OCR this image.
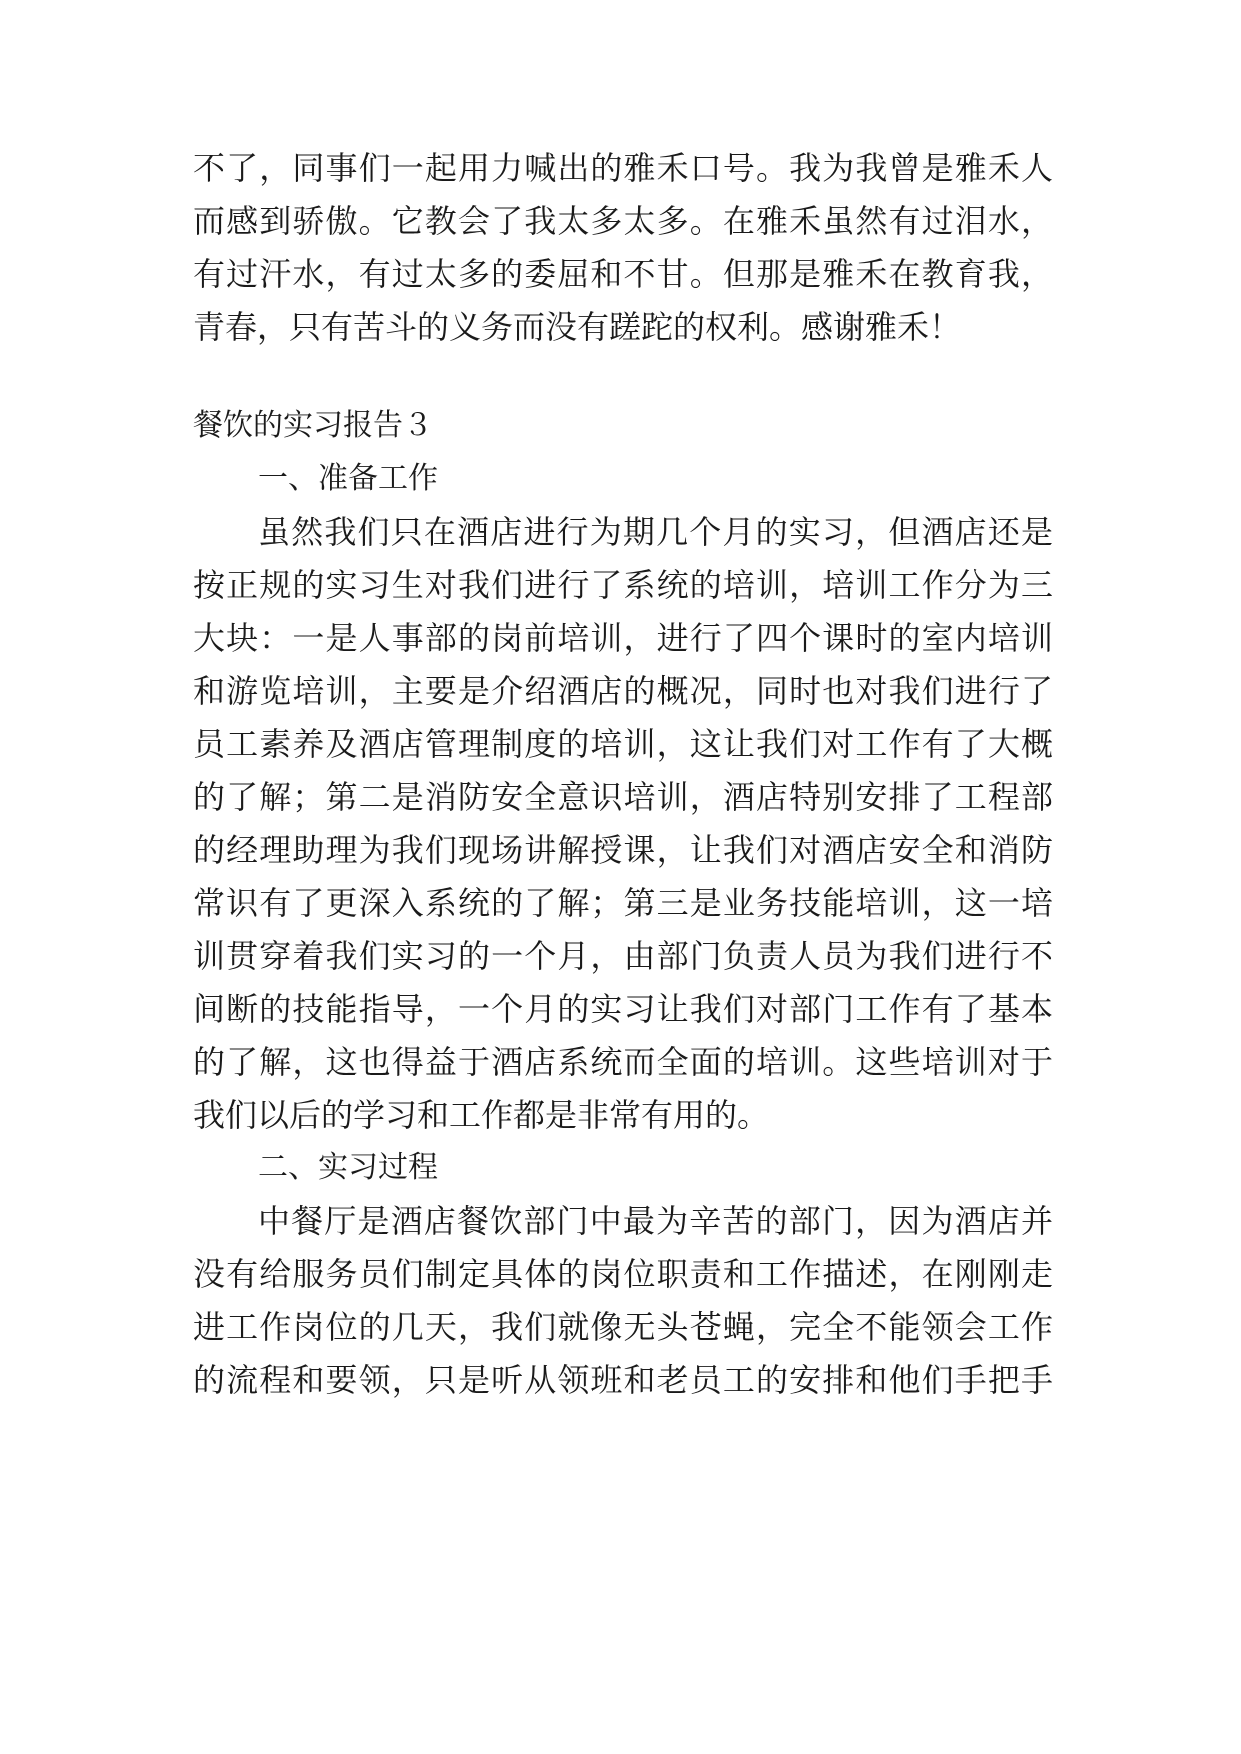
不了，同事们一起用力喊出的雅禾口号。我为我曾是雅禾人
而感到骄傲。它教会了我太多太多。在雅禾虽然有过泪水，
有过汗水，有过太多的委屈和不甘。但那是雅禾在教育我，
青春，只有苦斗的义务而没有蹉跎的权利。感谢雅禾！
餐饮的实习报告３
一、准备工作
虽然我们只在酒店进行为期几个月的实习，但酒店还是
按正规的实习生对我们进行了系统的培训，培训工作分为三
大块：一是人事部的岗前培训，进行了四个课时的室内培训
和游览培训，主要是介绍酒店的概况，同时也对我们进行了
员工素养及酒店管理制度的培训，这让我们对工作有了大概
的了解；第二是消防安全意识培训，酒店特别安排了工程部
的经理助理为我们现场讲解授课，让我们对酒店安全和消防
常识有了更深入系统的了解；第三是业务技能培训，这一培
训贯穿着我们实习的一个月，由部门负责人员为我们进行不
间断的技能指导，一个月的实习让我们对部门工作有了基本
的了解，这也得益于酒店系统而全面的培训。这些培训对于
我们以后的学习和工作都是非常有用的。
二、实习过程
中餐厅是酒店餐饮部门中最为辛苦的部门，因为酒店并
没有给服务员们制定具体的岗位职责和工作描述，在刚刚走
进工作岗位的几天，我们就像无头苍蝇，完全不能领会工作
的流程和要领，只是听从领班和老员工的安排和他们手把手
